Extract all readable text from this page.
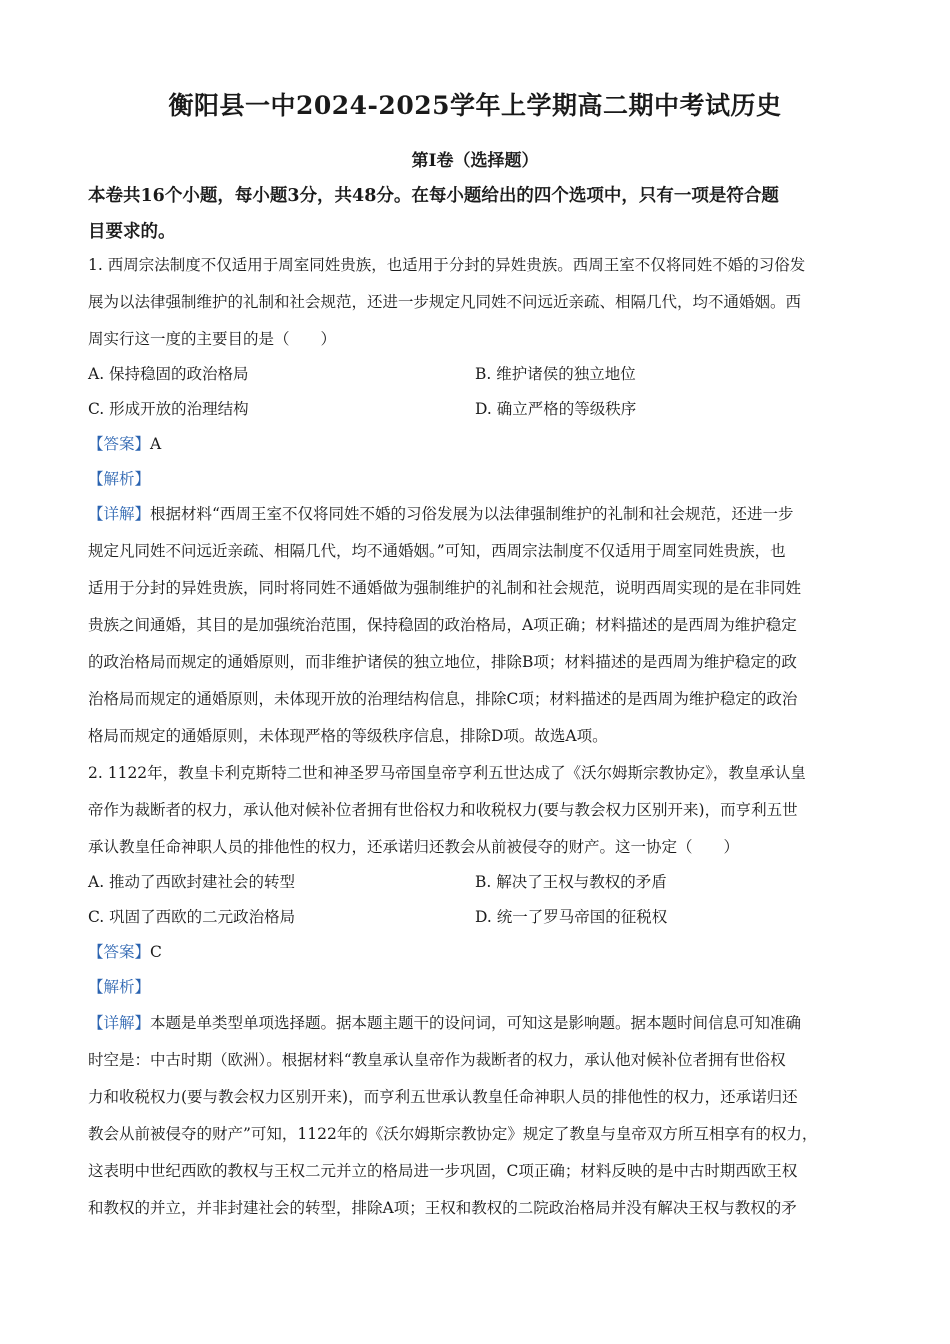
衡阳县一中2024-2025学年上学期高二期中考试历史
第Ⅰ卷（选择题）
本卷共16个小题，每小题3分，共48分。在每小题给出的四个选项中，只有一项是符合题
目要求的。
1. 西周宗法制度不仅适用于周室同姓贵族，也适用于分封的异姓贵族。西周王室不仅将同姓不婚的习俗发
展为以法律强制维护的礼制和社会规范，还进一步规定凡同姓不问远近亲疏、相隔几代，均不通婚姻。西
周实行这一度的主要目的是（　　）
A. 保持稳固的政治格局	B. 维护诸侯的独立地位
C. 形成开放的治理结构	D. 确立严格的等级秩序
【答案】A
【解析】
【详解】根据材料“西周王室不仅将同姓不婚的习俗发展为以法律强制维护的礼制和社会规范，还进一步
规定凡同姓不问远近亲疏、相隔几代，均不通婚姻。”可知，西周宗法制度不仅适用于周室同姓贵族，也
适用于分封的异姓贵族，同时将同姓不通婚做为强制维护的礼制和社会规范，说明西周实现的是在非同姓
贵族之间通婚，其目的是加强统治范围，保持稳固的政治格局，A项正确；材料描述的是西周为维护稳定
的政治格局而规定的通婚原则，而非维护诸侯的独立地位，排除B项；材料描述的是西周为维护稳定的政
治格局而规定的通婚原则，未体现开放的治理结构信息，排除C项；材料描述的是西周为维护稳定的政治
格局而规定的通婚原则，未体现严格的等级秩序信息，排除D项。故选A项。
2. 1122年，教皇卡利克斯特二世和神圣罗马帝国皇帝亨利五世达成了《沃尔姆斯宗教协定》，教皇承认皇
帝作为裁断者的权力，承认他对候补位者拥有世俗权力和收税权力(要与教会权力区别开来)，而亨利五世
承认教皇任命神职人员的排他性的权力，还承诺归还教会从前被侵夺的财产。这一协定（　　）
A. 推动了西欧封建社会的转型	B. 解决了王权与教权的矛盾
C. 巩固了西欧的二元政治格局	D. 统一了罗马帝国的征税权
【答案】C
【解析】
【详解】本题是单类型单项选择题。据本题主题干的设问词，可知这是影响题。据本题时间信息可知准确
时空是：中古时期（欧洲）。根据材料“教皇承认皇帝作为裁断者的权力，承认他对候补位者拥有世俗权
力和收税权力(要与教会权力区别开来)，而亨利五世承认教皇任命神职人员的排他性的权力，还承诺归还
教会从前被侵夺的财产”可知，1122年的《沃尔姆斯宗教协定》规定了教皇与皇帝双方所互相享有的权力，
这表明中世纪西欧的教权与王权二元并立的格局进一步巩固，C项正确；材料反映的是中古时期西欧王权
和教权的并立，并非封建社会的转型，排除A项；王权和教权的二院政治格局并没有解决王权与教权的矛
